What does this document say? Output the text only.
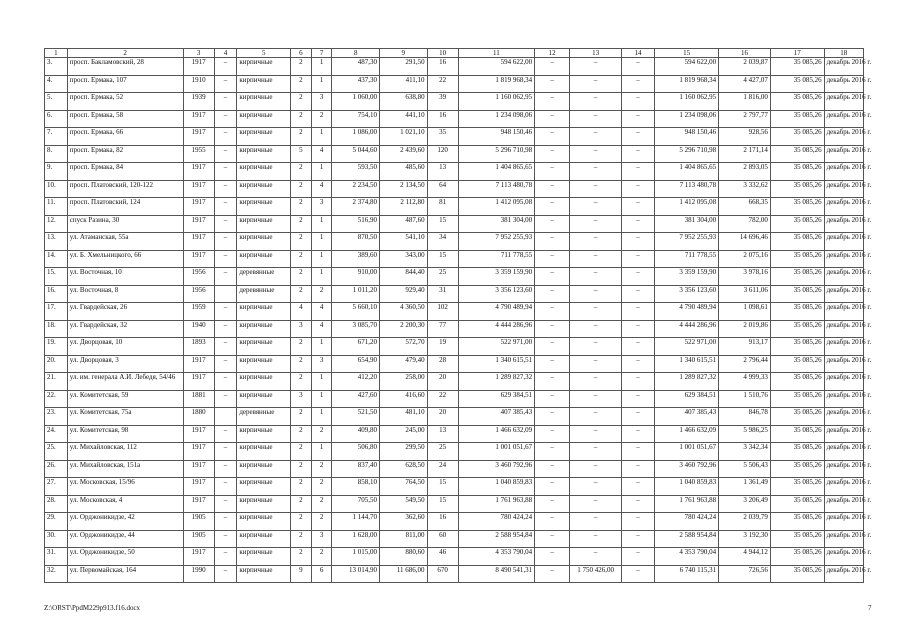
1	2	3	4	5	6	7	8	9	10	11	12	13	14	15	16	17	18
3.	просп. Бакламовский, 28	1917	–	кирпичные	2	1	487,30	291,50	16	594 622,00	–	–	–	594 622,00	2 039,87	35 085,26	декабрь 2016 г.
4.	просп. Ермака, 107	1910	–	кирпичные	2	1	437,30	411,10	22	1 819 968,34	–	–	–	1 819 968,34	4 427,07	35 085,26	декабрь 2016 г.
5.	просп. Ермака, 52	1939	–	кирпичные	2	3	1 060,00	638,80	39	1 160 062,95	–	–	–	1 160 062,95	1 816,00	35 085,26	декабрь 2016 г.
6.	просп. Ермака, 58	1917	–	кирпичные	2	2	754,10	441,10	16	1 234 098,06	–	–	–	1 234 098,06	2 797,77	35 085,26	декабрь 2016 г.
7.	просп. Ермака, 66	1917	–	кирпичные	2	1	1 086,00	1 021,10	35	948 150,46	–	–	–	948 150,46	928,56	35 085,26	декабрь 2016 г.
8.	просп. Ермака, 82	1955	–	кирпичные	5	4	5 044,60	2 439,60	120	5 296 710,98	–	–	–	5 296 710,98	2 171,14	35 085,26	декабрь 2016 г.
9.	просп. Ермака, 84	1917	–	кирпичные	2	1	593,50	485,60	13	1 404 865,65	–	–	–	1 404 865,65	2 893,05	35 085,26	декабрь 2016 г.
10.	просп. Платовский, 120-122	1917	–	кирпичные	2	4	2 234,50	2 134,50	64	7 113 480,78	–	–	–	7 113 480,78	3 332,62	35 085,26	декабрь 2016 г.
11.	просп. Платовский, 124	1917	–	кирпичные	2	3	2 374,80	2 112,80	81	1 412 095,08	–	–	–	1 412 095,08	668,35	35 085,26	декабрь 2016 г.
12.	спуск Разина, 30	1917	–	кирпичные	2	1	516,90	487,60	15	381 304,00	–	–	–	381 304,00	782,00	35 085,26	декабрь 2016 г.
13.	ул. Атаманская, 55а	1917	–	кирпичные	2	1	870,50	541,10	34	7 952 255,93	–	–	–	7 952 255,93	14 696,46	35 085,26	декабрь 2016 г.
14.	ул. Б. Хмельницкого, 66	1917	–	кирпичные	2	1	389,60	343,00	15	711 778,55	–	–	–	711 778,55	2 075,16	35 085,26	декабрь 2016 г.
15.	ул. Восточная, 10	1956	–	деревянные	2	1	910,00	844,40	25	3 359 159,90	–	–	–	3 359 159,90	3 978,16	35 085,26	декабрь 2016 г.
16.	ул. Восточная, 8	1956		деревянные	2	2	1 011,20	929,40	31	3 356 123,60	–	–	–	3 356 123,60	3 611,06	35 085,26	декабрь 2016 г.
17.	ул. Гвардейская, 26	1959	–	кирпичные	4	4	5 660,10	4 360,50	102	4 790 489,94	–	–	–	4 790 489,94	1 098,61	35 085,26	декабрь 2016 г.
18.	ул. Гвардейская, 32	1940	–	кирпичные	3	4	3 085,70	2 200,30	77	4 444 286,96	–	–	–	4 444 286,96	2 019,86	35 085,26	декабрь 2016 г.
19.	ул. Дворцовая, 10	1893	–	кирпичные	2	1	671,20	572,70	19	522 971,00	–	–	–	522 971,00	913,17	35 085,26	декабрь 2016 г.
20.	ул. Дворцовая, 3	1917	–	кирпичные	2	3	654,90	479,40	28	1 340 615,51	–	–	–	1 340 615,51	2 796,44	35 085,26	декабрь 2016 г.
21.	ул. им. генерала А.И. Лебедя, 54/46	1917	–	кирпичные	2	1	412,20	258,00	20	1 289 827,32	–	–	–	1 289 827,32	4 999,33	35 085,26	декабрь 2016 г.
22.	ул. Комитетская, 59	1881	–	кирпичные	3	1	427,60	416,60	22	629 384,51	–	–	–	629 384,51	1 510,76	35 085,26	декабрь 2016 г.
23.	ул. Комитетская, 75а	1880		деревянные	2	1	521,50	481,10	20	407 385,43	–	–	–	407 385,43	846,78	35 085,26	декабрь 2016 г.
24.	ул. Комитетская, 98	1917	–	кирпичные	2	2	409,80	245,00	13	1 466 632,09	–	–	–	1 466 632,09	5 986,25	35 085,26	декабрь 2016 г.
25.	ул. Михайловская, 112	1917	–	кирпичные	2	1	506,80	299,50	25	1 001 051,67	–	–	–	1 001 051,67	3 342,34	35 085,26	декабрь 2016 г.
26.	ул. Михайловская, 151а	1917	–	кирпичные	2	2	837,40	628,50	24	3 460 792,96	–	–	–	3 460 792,96	5 506,43	35 085,26	декабрь 2016 г.
27.	ул. Московская, 15/96	1917	–	кирпичные	2	2	858,10	764,50	15	1 040 859,83	–	–	–	1 040 859,83	1 361,49	35 085,26	декабрь 2016 г.
28.	ул. Московская, 4	1917	–	кирпичные	2	2	705,50	549,50	15	1 761 963,88	–	–	–	1 761 963,88	3 206,49	35 085,26	декабрь 2016 г.
29.	ул. Орджоникидзе, 42	1905	–	кирпичные	2	2	1 144,70	362,60	16	780 424,24	–	–	–	780 424,24	2 039,79	35 085,26	декабрь 2016 г.
30.	ул. Орджоникидзе, 44	1905	–	кирпичные	2	3	1 628,00	811,00	60	2 588 954,84	–	–	–	2 588 954,84	3 192,30	35 085,26	декабрь 2016 г.
31.	ул. Орджоникидзе, 50	1917	–	кирпичные	2	2	1 015,00	880,60	46	4 353 790,04	–	–	–	4 353 790,04	4 944,12	35 085,26	декабрь 2016 г.
32.	ул. Первомайская, 164	1990	–	кирпичные	9	6	13 014,90	11 686,00	670	8 490 541,31	–	1 750 426,00	–	6 740 115,31	726,56	35 085,26	декабрь 2016 г.
Z:\ORST\PpdM229p913.f16.docx	7
